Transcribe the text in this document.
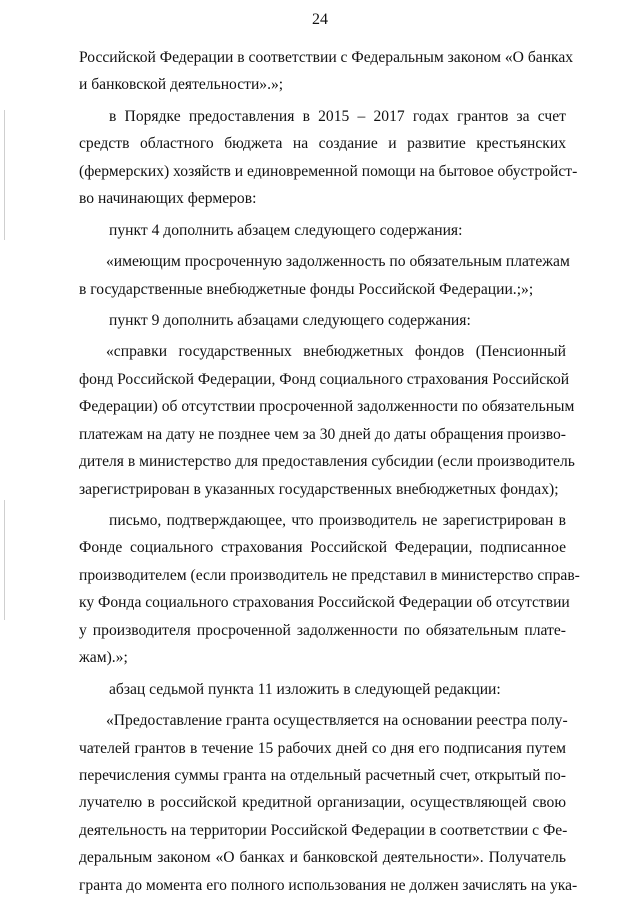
24
Российской Федерации в соответствии с Федеральным законом «О банках
и банковской деятельности».»;
в Порядке предоставления в 2015 – 2017 годах грантов за счет
средств областного бюджета на создание и развитие крестьянских
(фермерских) хозяйств и единовременной помощи на бытовое обустройст-
во начинающих фермеров:
пункт 4 дополнить абзацем следующего содержания:
«имеющим просроченную задолженность по обязательным платежам
в государственные внебюджетные фонды Российской Федерации.;»;
пункт 9 дополнить абзацами следующего содержания:
«справки государственных внебюджетных фондов (Пенсионный
фонд Российской Федерации, Фонд социального страхования Российской
Федерации) об отсутствии просроченной задолженности по обязательным
платежам на дату не позднее чем за 30 дней до даты обращения произво-
дителя в министерство для предоставления субсидии (если производитель
зарегистрирован в указанных государственных внебюджетных фондах);
письмо, подтверждающее, что производитель не зарегистрирован в
Фонде социального страхования Российской Федерации, подписанное
производителем (если производитель не представил в министерство справ-
ку Фонда социального страхования Российской Федерации об отсутствии
у производителя просроченной задолженности по обязательным плате-
жам).»;
абзац седьмой пункта 11 изложить в следующей редакции:
«Предоставление гранта осуществляется на основании реестра полу-
чателей грантов в течение 15 рабочих дней со дня его подписания путем
перечисления суммы гранта на отдельный расчетный счет, открытый по-
лучателю в российской кредитной организации, осуществляющей свою
деятельность на территории Российской Федерации в соответствии с Фе-
деральным законом «О банках и банковской деятельности». Получатель
гранта до момента его полного использования не должен зачислять на ука-
